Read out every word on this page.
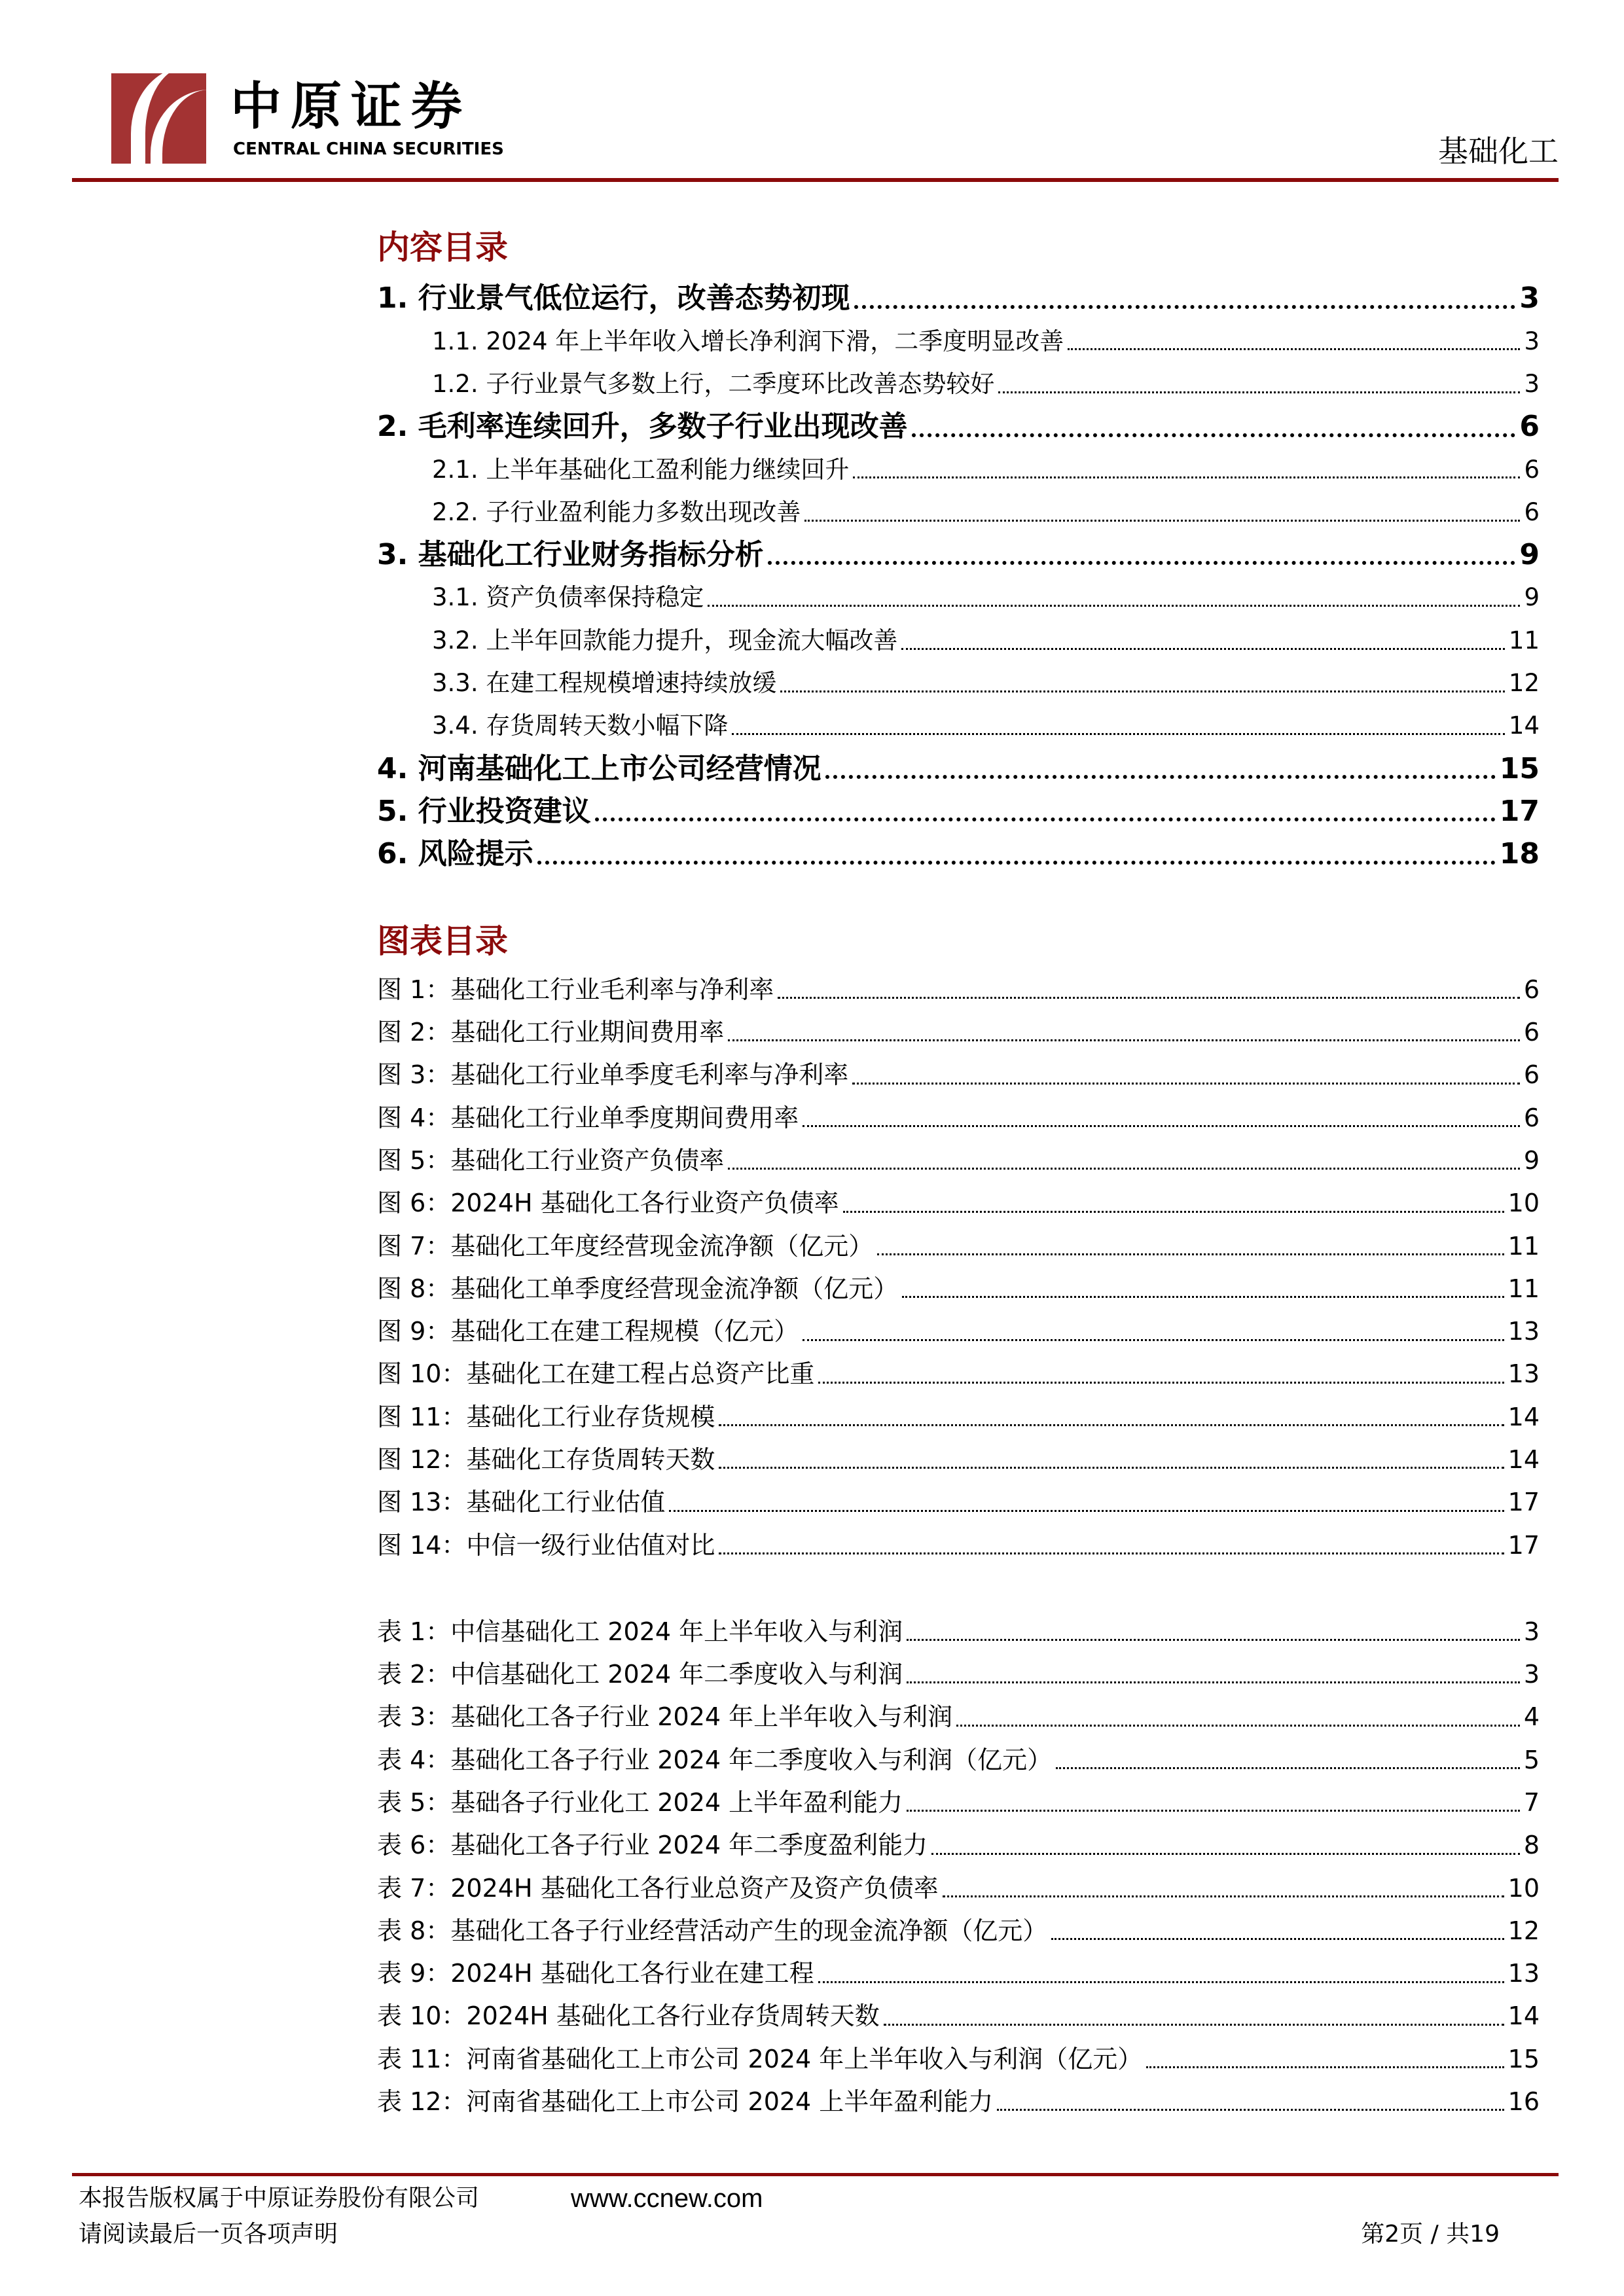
中原证券
CENTRAL CHINA SECURITIES	基础化工
内容目录
1. 行业景气低位运行，改善态势初现	3
1.1. 2024 年上半年收入增长净利润下滑，二季度明显改善	3
1.2. 子行业景气多数上行，二季度环比改善态势较好	3
2. 毛利率连续回升，多数子行业出现改善	6
2.1. 上半年基础化工盈利能力继续回升	6
2.2. 子行业盈利能力多数出现改善	6
3. 基础化工行业财务指标分析	9
3.1. 资产负债率保持稳定	9
3.2. 上半年回款能力提升，现金流大幅改善	11
3.3. 在建工程规模增速持续放缓	12
3.4. 存货周转天数小幅下降	14
4. 河南基础化工上市公司经营情况	15
5. 行业投资建议	17
6. 风险提示	18
图表目录
图 1：基础化工行业毛利率与净利率	6
图 2：基础化工行业期间费用率	6
图 3：基础化工行业单季度毛利率与净利率	6
图 4：基础化工行业单季度期间费用率	6
图 5：基础化工行业资产负债率	9
图 6：2024H 基础化工各行业资产负债率	10
图 7：基础化工年度经营现金流净额（亿元）	11
图 8：基础化工单季度经营现金流净额（亿元）	11
图 9：基础化工在建工程规模（亿元）	13
图 10：基础化工在建工程占总资产比重	13
图 11：基础化工行业存货规模	14
图 12：基础化工存货周转天数	14
图 13：基础化工行业估值	17
图 14：中信一级行业估值对比	17
表 1：中信基础化工 2024 年上半年收入与利润	3
表 2：中信基础化工 2024 年二季度收入与利润	3
表 3：基础化工各子行业 2024 年上半年收入与利润	4
表 4：基础化工各子行业 2024 年二季度收入与利润（亿元）	5
表 5：基础各子行业化工 2024 上半年盈利能力	7
表 6：基础化工各子行业 2024 年二季度盈利能力	8
表 7：2024H 基础化工各行业总资产及资产负债率	10
表 8：基础化工各子行业经营活动产生的现金流净额（亿元）	12
表 9：2024H 基础化工各行业在建工程	13
表 10：2024H 基础化工各行业存货周转天数	14
表 11：河南省基础化工上市公司 2024 年上半年收入与利润（亿元）	15
表 12：河南省基础化工上市公司 2024 上半年盈利能力	16
本报告版权属于中原证券股份有限公司	www.ccnew.com
请阅读最后一页各项声明	第2页 / 共19
